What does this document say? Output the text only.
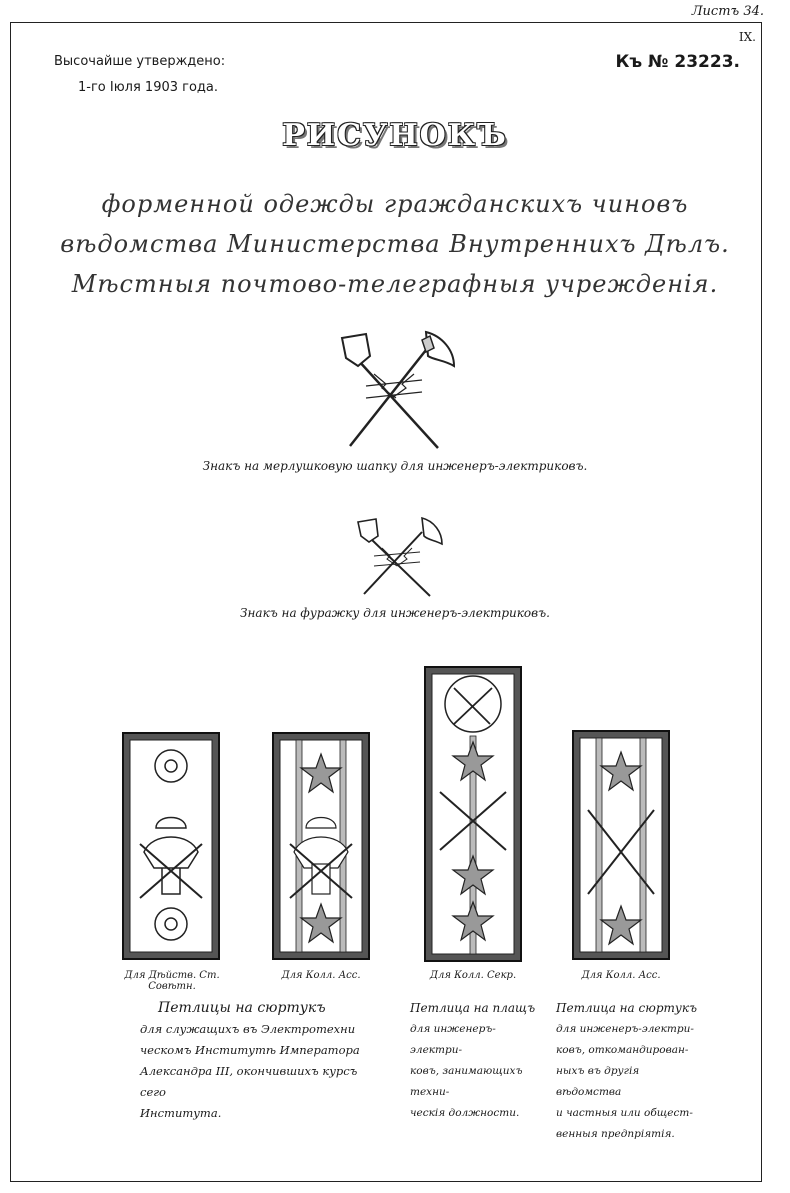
Листъ 34.
IX.
Высочайше утверждено:
1-го Іюля 1903 года.
Къ № 23223.
РИСУНОКЪ
форменной одежды гражданскихъ чиновъ
вѣдомства Министерства Внутреннихъ Дѣлъ.
Мѣстныя почтово-телеграфныя учрежденія.
Знакъ на мерлушковую шапку для инженеръ-электриковъ.
Знакъ на фуражку для инженеръ-электриковъ.
Для Дѣйств. Ст. Совѣтн.
Для Колл. Асс.	Для Колл. Секр.	Для Колл. Асс.
Петлицы на сюртукъ
для служащихъ въ Электротехни
ческомъ Институтѣ Императора
Александра III, окончившихъ курсъ сего
Института.
Петлица на плащъ
для инженеръ-электри-
ковъ, занимающихъ техни-
ческія должности.
Петлица на сюртукъ
для инженеръ-электри-
ковъ, откомандирован-
ныхъ въ другія вѣдомства
и частныя или общест-
венныя предпріятія.
